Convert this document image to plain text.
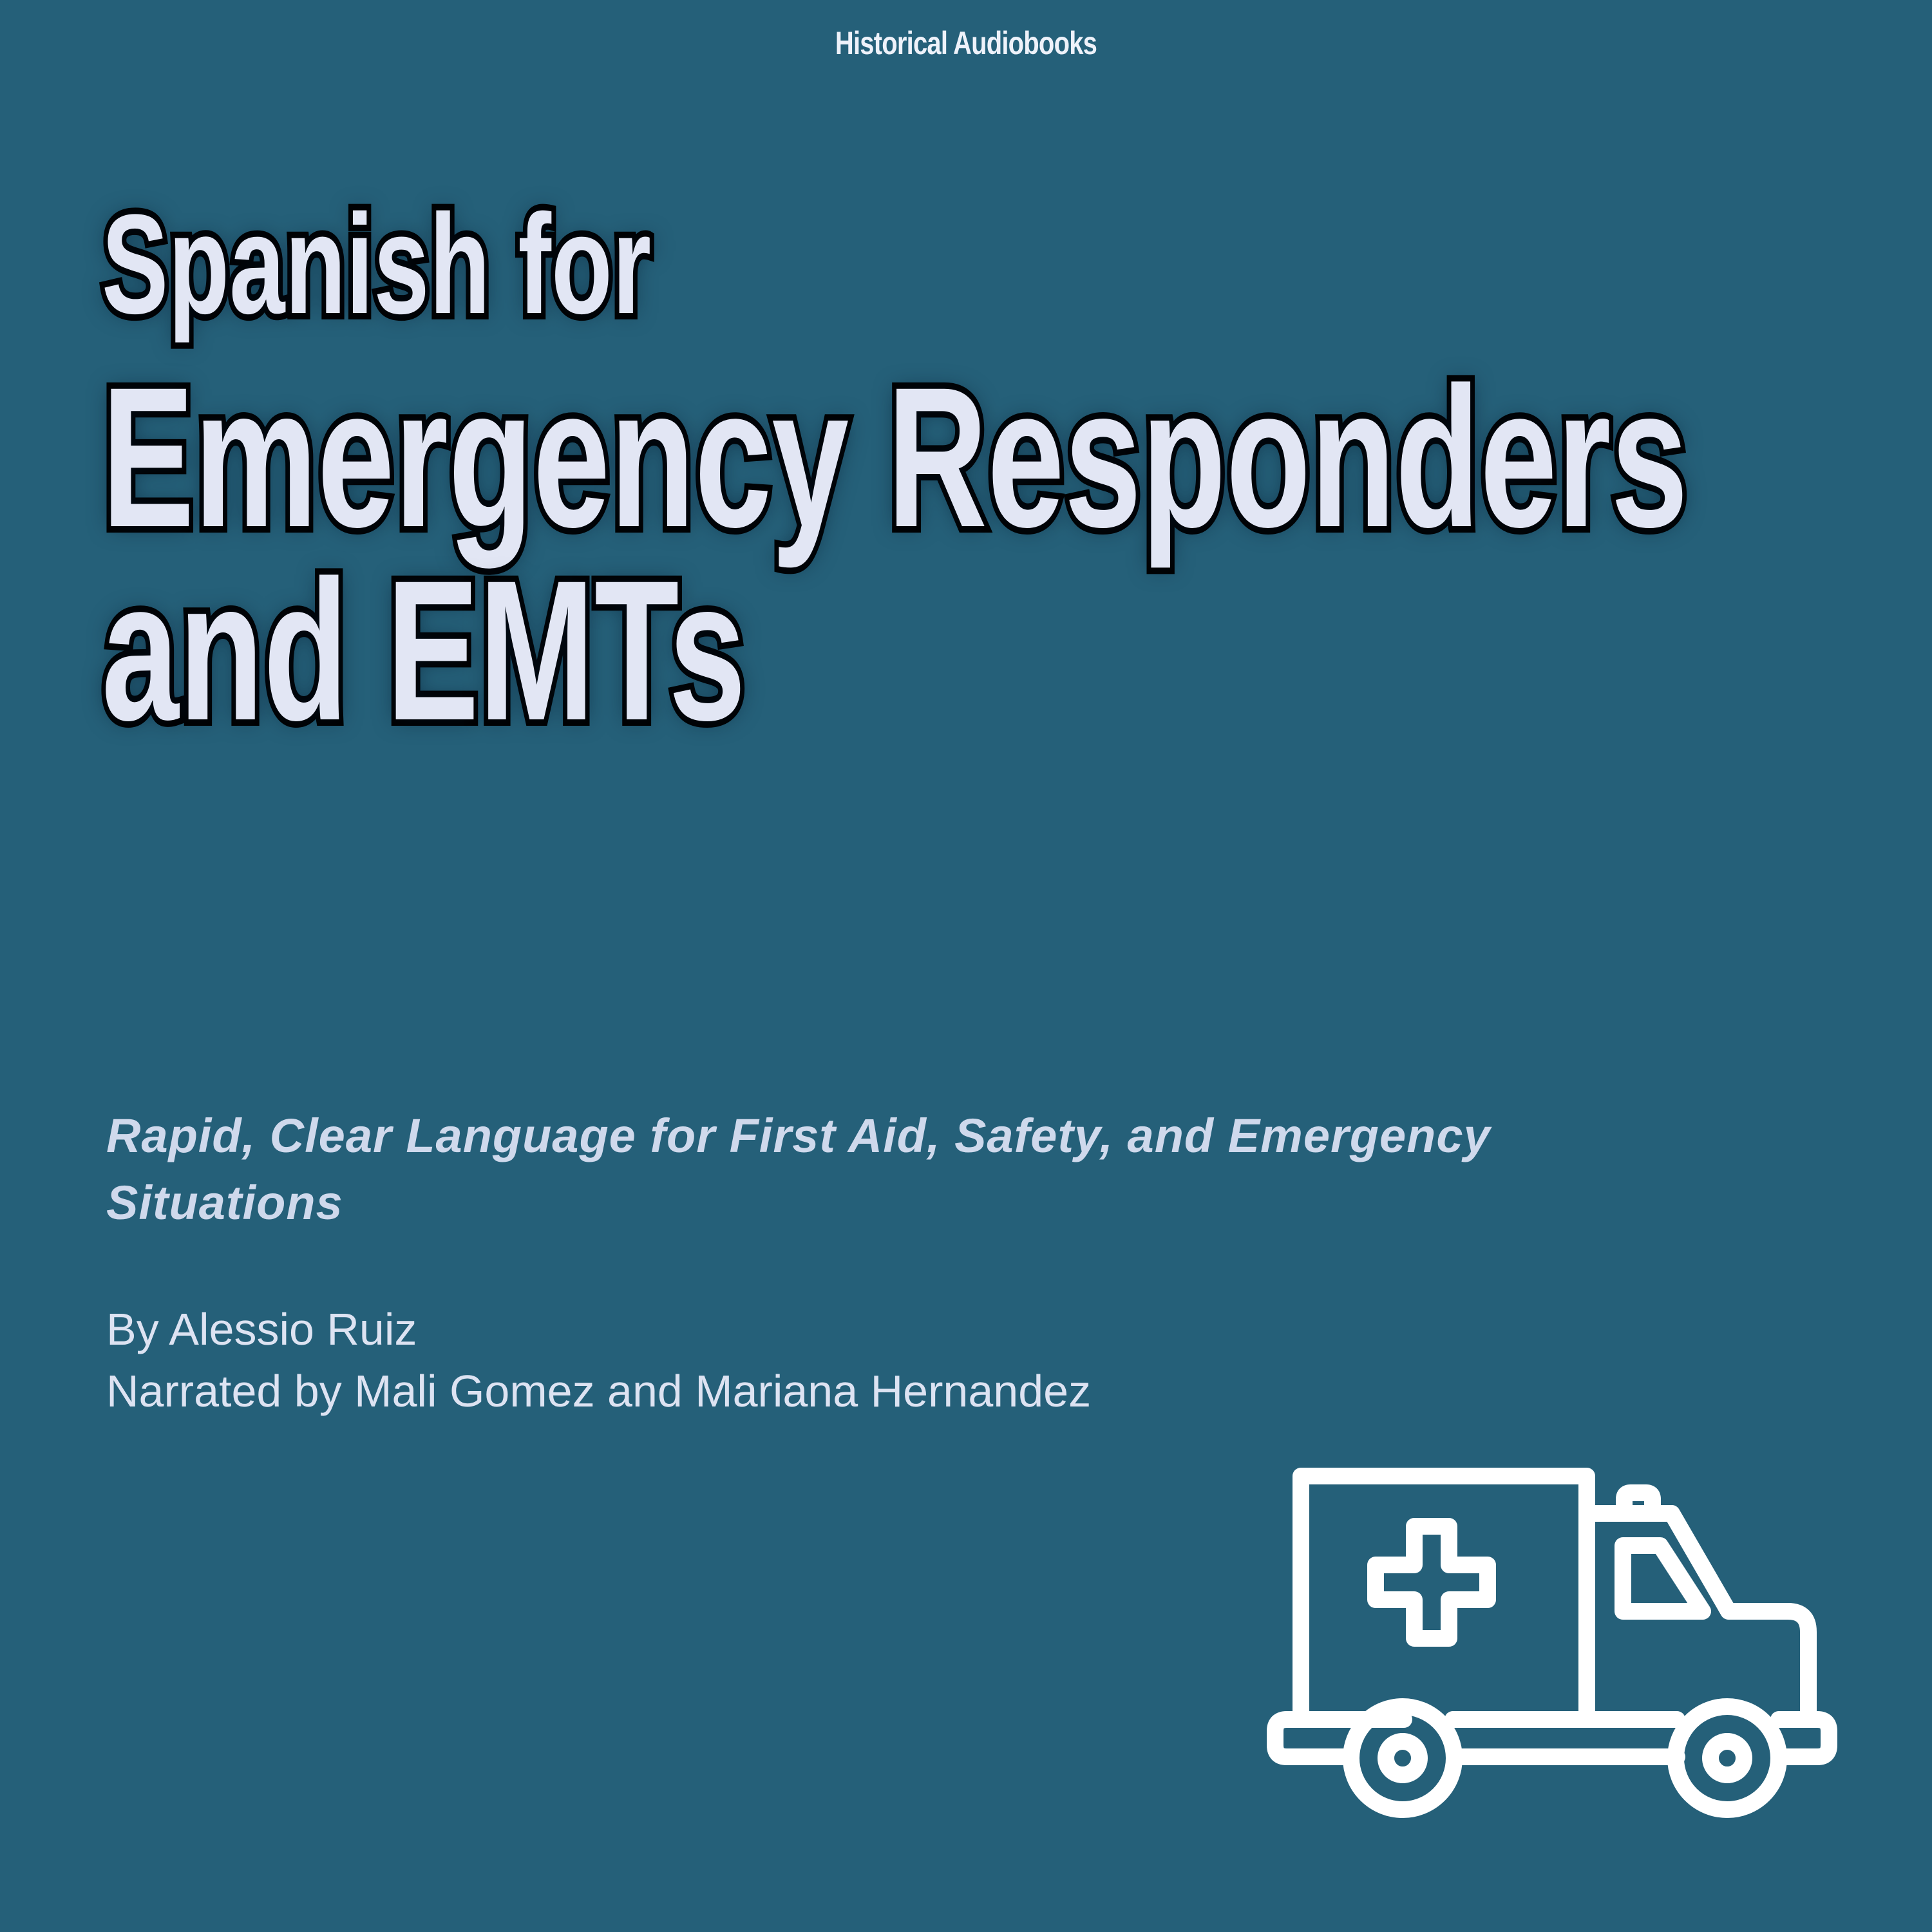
Historical Audiobooks
Spanish for
Emergency Responders
and EMTs
Rapid, Clear Language for First Aid, Safety, and Emergency Situations
By Alessio Ruiz
Narrated by Mali Gomez and Mariana Hernandez
